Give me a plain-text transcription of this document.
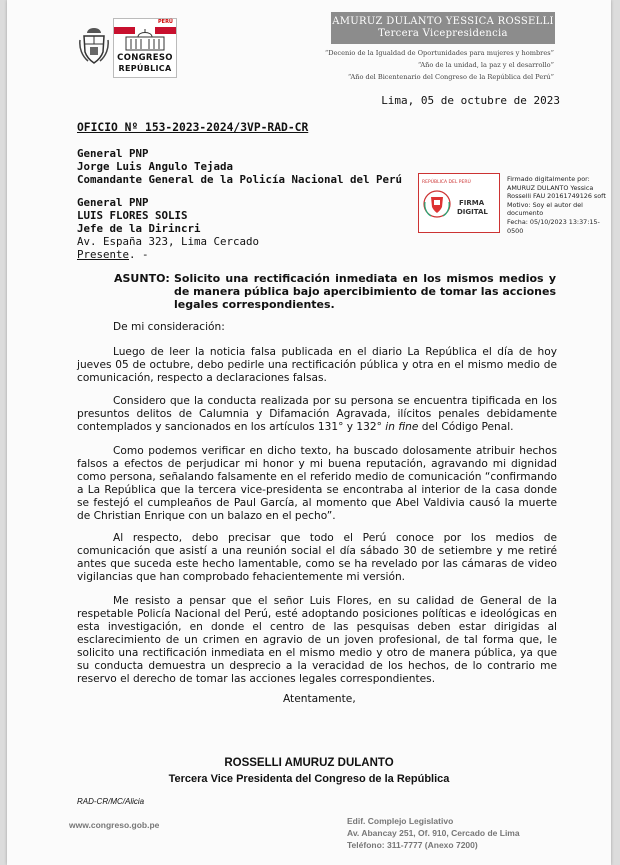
PERÚ
CONGRESO
REPÚBLICA
AMURUZ DULANTO YESSICA ROSSELLI
Tercera Vicepresidencia
“Decenio de la Igualdad de Oportunidades para mujeres y hombres”
“Año de la unidad, la paz y el desarrollo”
“Año del Bicentenario del Congreso de la República del Perú”
Lima, 05 de octubre de 2023
OFICIO Nº 153-2023-2024/3VP-RAD-CR
General PNP
Jorge Luis Angulo Tejada
Comandante General de la Policía Nacional del Perú
General PNP
LUIS FLORES SOLIS
Jefe de la Dirincri
Av. España 323, Lima Cercado
Presente. -
REPÚBLICA DEL PERÚ
FIRMA
DIGITAL
Firmado digitalmente por:
AMURUZ DULANTO Yessica
Rosselli FAU 20161749126 soft
Motivo: Soy el autor del
documento
Fecha: 05/10/2023 13:37:15-0500
ASUNTO: Solicito una rectificación inmediata en los mismos medios y de manera pública bajo apercibimiento de tomar las acciones legales correspondientes.
De mi consideración:
Luego de leer la noticia falsa publicada en el diario La República el día de hoy jueves 05 de octubre, debo pedirle una rectificación pública y otra en el mismo medio de comunicación, respecto a declaraciones falsas.
Considero que la conducta realizada por su persona se encuentra tipificada en los presuntos delitos de Calumnia y Difamación Agravada, ilícitos penales debidamente contemplados y sancionados en los artículos 131° y 132° in fine del Código Penal.
Como podemos verificar en dicho texto, ha buscado dolosamente atribuir hechos falsos a efectos de perjudicar mi honor y mi buena reputación, agravando mi dignidad como persona, señalando falsamente en el referido medio de comunicación “confirmando a La República que la tercera vice-presidenta se encontraba al interior de la casa donde se festejó el cumpleaños de Paul García, al momento que Abel Valdivia causó la muerte de Christian Enrique con un balazo en el pecho”.
Al respecto, debo precisar que todo el Perú conoce por los medios de comunicación que asistí a una reunión social el día sábado 30 de setiembre y me retiré antes que suceda este hecho lamentable, como se ha revelado por las cámaras de video vigilancias que han comprobado fehacientemente mi versión.
Me resisto a pensar que el señor Luis Flores, en su calidad de General de la respetable Policía Nacional del Perú, esté adoptando posiciones políticas e ideológicas en esta investigación, en donde el centro de las pesquisas deben estar dirigidas al esclarecimiento de un crimen en agravio de un joven profesional, de tal forma que, le solicito una rectificación inmediata en el mismo medio y otro de manera pública, ya que su conducta demuestra un desprecio a la veracidad de los hechos, de lo contrario me reservo el derecho de tomar las acciones legales correspondientes.
Atentamente,
ROSSELLI AMURUZ DULANTO
Tercera Vice Presidenta del Congreso de la República
RAD-CR/MC/Alicia
www.congreso.gob.pe	Edif. Complejo Legislativo
Av. Abancay 251, Of. 910, Cercado de Lima
Teléfono: 311-7777 (Anexo 7200)
